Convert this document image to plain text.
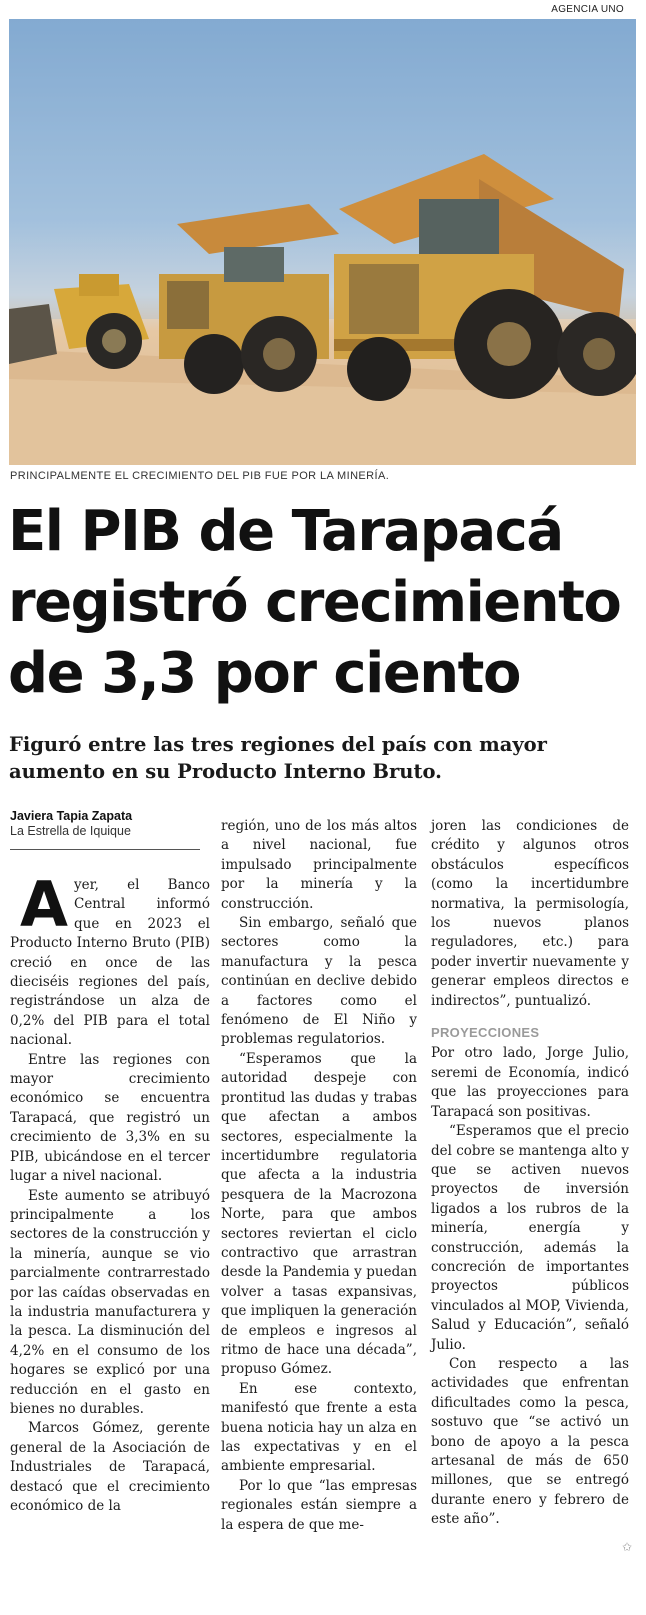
AGENCIA UNO
PRINCIPALMENTE EL CRECIMIENTO DEL PIB FUE POR LA MINERÍA.
El PIB de Tarapacá
registró crecimiento
de 3,3 por ciento
Figuró entre las tres regiones del país con mayor
aumento en su Producto Interno Bruto.
Javiera Tapia Zapata
La Estrella de Iquique

Ayer, el Banco Central informó que en 2023 el Producto Interno Bruto (PIB) creció en once de las dieciséis regiones del país, registrándose un alza de 0,2% del PIB para el total nacional.

Entre las regiones con mayor crecimiento económico se encuentra Tarapacá, que registró un crecimiento de 3,3% en su PIB, ubicándose en el tercer lugar a nivel nacional.

Este aumento se atribuyó principalmente a los sectores de la construcción y la minería, aunque se vio parcialmente contrarrestado por las caídas observadas en la industria manufacturera y la pesca. La disminución del 4,2% en el consumo de los hogares se explicó por una reducción en el gasto en bienes no durables.

Marcos Gómez, gerente general de la Asociación de Industriales de Tarapacá, destacó que el crecimiento económico de la

región, uno de los más altos a nivel nacional, fue impulsado principalmente por la minería y la construcción.

Sin embargo, señaló que sectores como la manufactura y la pesca continúan en declive debido a factores como el fenómeno de El Niño y problemas regulatorios.

“Esperamos que la autoridad despeje con prontitud las dudas y trabas que afectan a ambos sectores, especialmente la incertidumbre regulatoria que afecta a la industria pesquera de la Macrozona Norte, para que ambos sectores reviertan el ciclo contractivo que arrastran desde la Pandemia y puedan volver a tasas expansivas, que impliquen la generación de empleos e ingresos al ritmo de hace una década”, propuso Gómez.

En ese contexto, manifestó que frente a esta buena noticia hay un alza en las expectativas y en el ambiente empresarial.

Por lo que “las empresas regionales están siempre a la espera de que me-

joren las condiciones de crédito y algunos otros obstáculos específicos (como la incertidumbre normativa, la permisología, los nuevos planos reguladores, etc.) para poder invertir nuevamente y generar empleos directos e indirectos”, puntualizó.

PROYECCIONES

Por otro lado, Jorge Julio, seremi de Economía, indicó que las proyecciones para Tarapacá son positivas.

“Esperamos que el precio del cobre se mantenga alto y que se activen nuevos proyectos de inversión ligados a los rubros de la minería, energía y construcción, además la concreción de importantes proyectos públicos vinculados al MOP, Vivienda, Salud y Educación”, señaló Julio.

Con respecto a las actividades que enfrentan dificultades como la pesca, sostuvo que “se activó un bono de apoyo a la pesca artesanal de más de 650 millones, que se entregó durante enero y febrero de este año”.

✩
